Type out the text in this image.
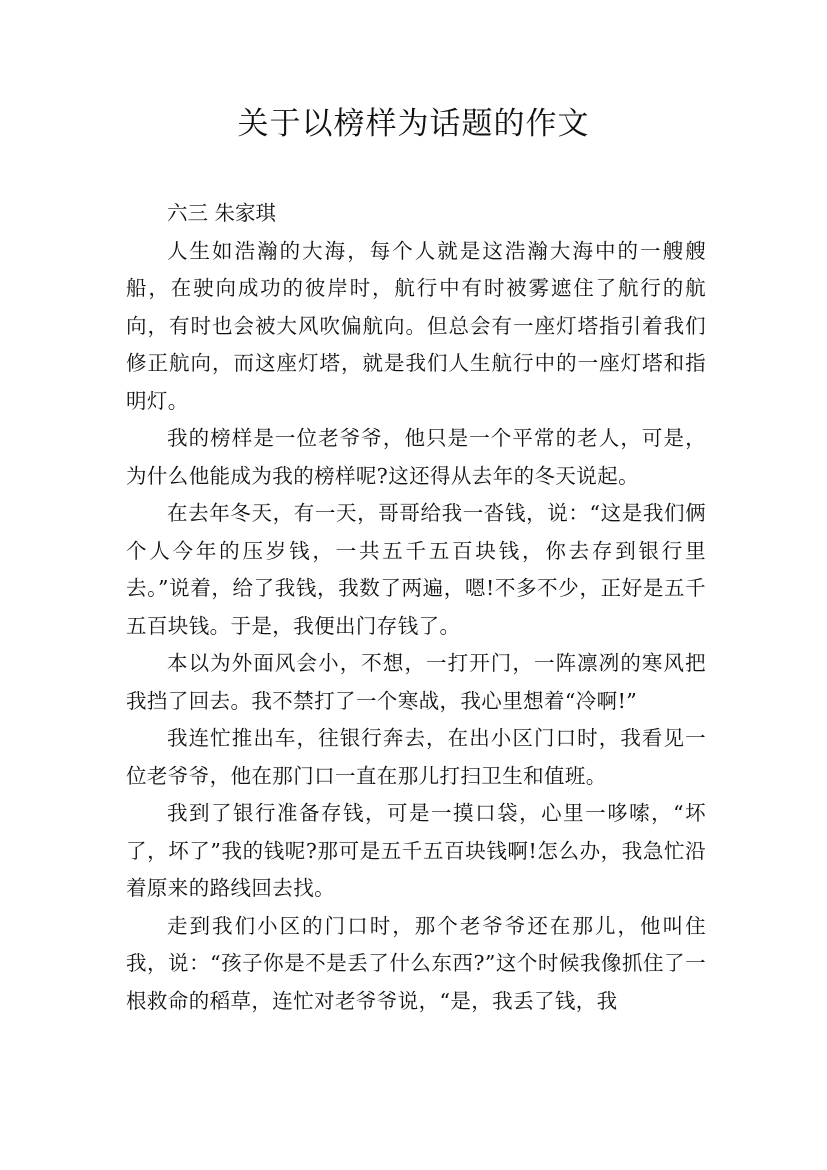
关于以榜样为话题的作文

六三 朱家琪

人生如浩瀚的大海，每个人就是这浩瀚大海中的一艘艘船，在驶向成功的彼岸时，航行中有时被雾遮住了航行的航向，有时也会被大风吹偏航向。但总会有一座灯塔指引着我们修正航向，而这座灯塔，就是我们人生航行中的一座灯塔和指明灯。

我的榜样是一位老爷爷，他只是一个平常的老人，可是，为什么他能成为我的榜样呢?这还得从去年的冬天说起。

在去年冬天，有一天，哥哥给我一沓钱，说：“这是我们俩个人今年的压岁钱，一共五千五百块钱，你去存到银行里去。”说着，给了我钱，我数了两遍，嗯!不多不少，正好是五千五百块钱。于是，我便出门存钱了。

本以为外面风会小，不想，一打开门，一阵凛冽的寒风把我挡了回去。我不禁打了一个寒战，我心里想着“冷啊!”

我连忙推出车，往银行奔去，在出小区门口时，我看见一位老爷爷，他在那门口一直在那儿打扫卫生和值班。

我到了银行准备存钱，可是一摸口袋，心里一哆嗦，“坏了，坏了”我的钱呢?那可是五千五百块钱啊!怎么办，我急忙沿着原来的路线回去找。

走到我们小区的门口时，那个老爷爷还在那儿，他叫住我，说：“孩子你是不是丢了什么东西?”这个时候我像抓住了一根救命的稻草，连忙对老爷爷说，“是，我丢了钱，我
